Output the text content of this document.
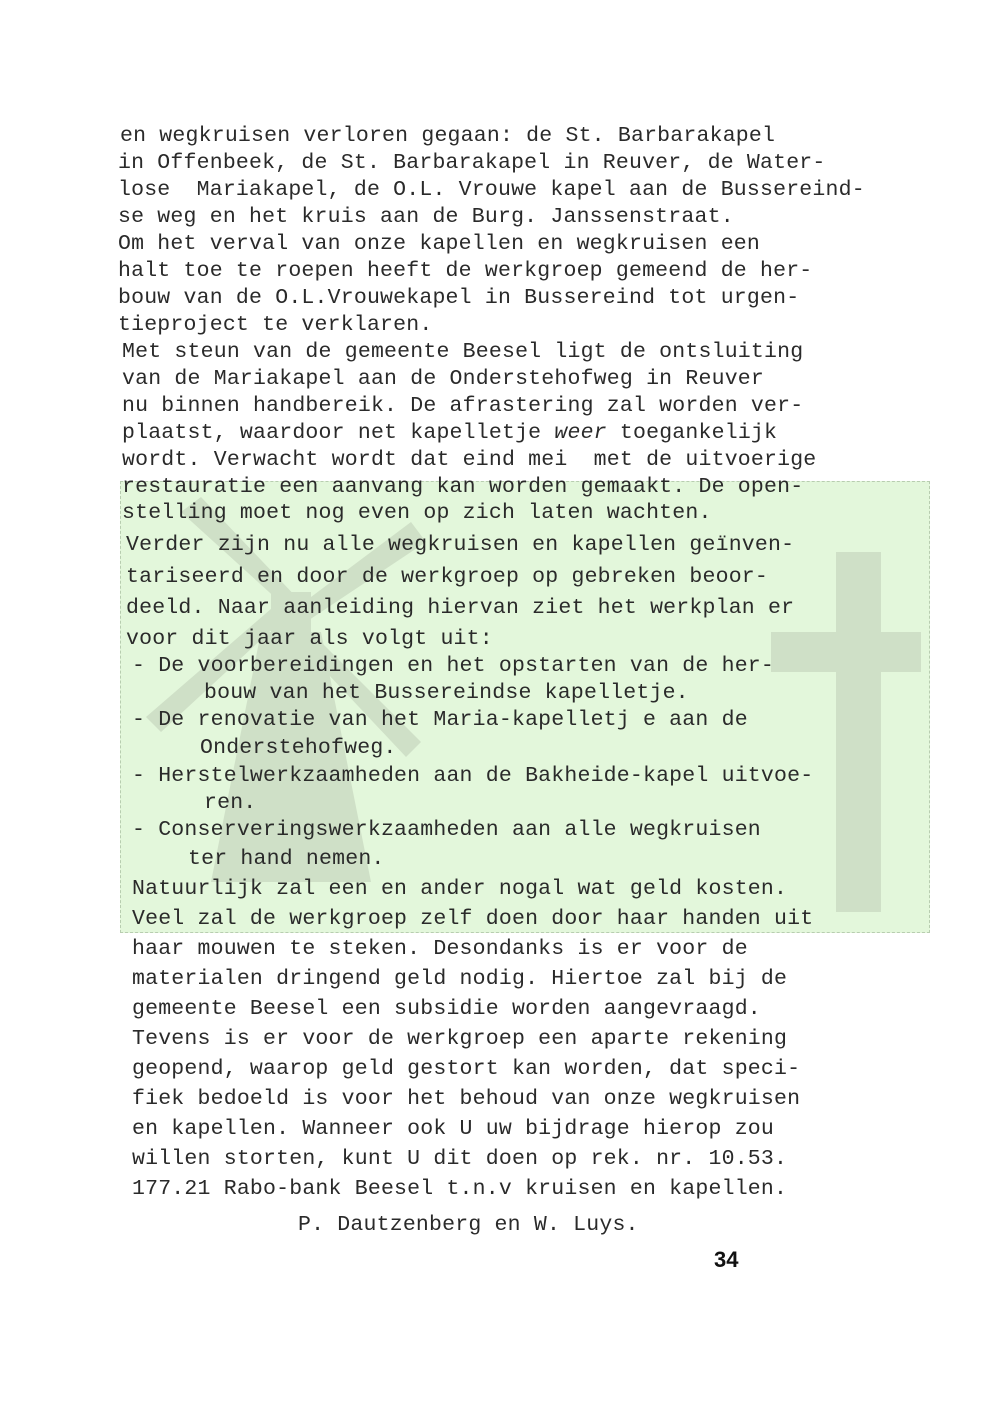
en wegkruisen verloren gegaan: de St. Barbarakapel
in Offenbeek, de St. Barbarakapel in Reuver, de Water-
lose  Mariakapel, de O.L. Vrouwe kapel aan de Bussereind-
se weg en het kruis aan de Burg. Janssenstraat.
Om het verval van onze kapellen en wegkruisen een
halt toe te roepen heeft de werkgroep gemeend de her-
bouw van de O.L.Vrouwekapel in Bussereind tot urgen-
tieproject te verklaren.
Met steun van de gemeente Beesel ligt de ontsluiting
van de Mariakapel aan de Onderstehofweg in Reuver
nu binnen handbereik. De afrastering zal worden ver-
plaatst, waardoor net kapelletje weer toegankelijk
wordt. Verwacht wordt dat eind mei  met de uitvoerige
restauratie een aanvang kan worden gemaakt. De open-
stelling moet nog even op zich laten wachten.
Verder zijn nu alle wegkruisen en kapellen geïnven-
tariseerd en door de werkgroep op gebreken beoor-
deeld. Naar aanleiding hiervan ziet het werkplan er
voor dit jaar als volgt uit:
- De voorbereidingen en het opstarten van de her-
bouw van het Bussereindse kapelletje.
- De renovatie van het Maria-kapelletj e aan de
Onderstehofweg.
- Herstelwerkzaamheden aan de Bakheide-kapel uitvoe-
ren.
- Conserveringswerkzaamheden aan alle wegkruisen
ter hand nemen.
Natuurlijk zal een en ander nogal wat geld kosten.
Veel zal de werkgroep zelf doen door haar handen uit
haar mouwen te steken. Desondanks is er voor de
materialen dringend geld nodig. Hiertoe zal bij de
gemeente Beesel een subsidie worden aangevraagd.
Tevens is er voor de werkgroep een aparte rekening
geopend, waarop geld gestort kan worden, dat speci-
fiek bedoeld is voor het behoud van onze wegkruisen
en kapellen. Wanneer ook U uw bijdrage hierop zou
willen storten, kunt U dit doen op rek. nr. 10.53.
177.21 Rabo-bank Beesel t.n.v kruisen en kapellen.
P. Dautzenberg en W. Luys.
34
